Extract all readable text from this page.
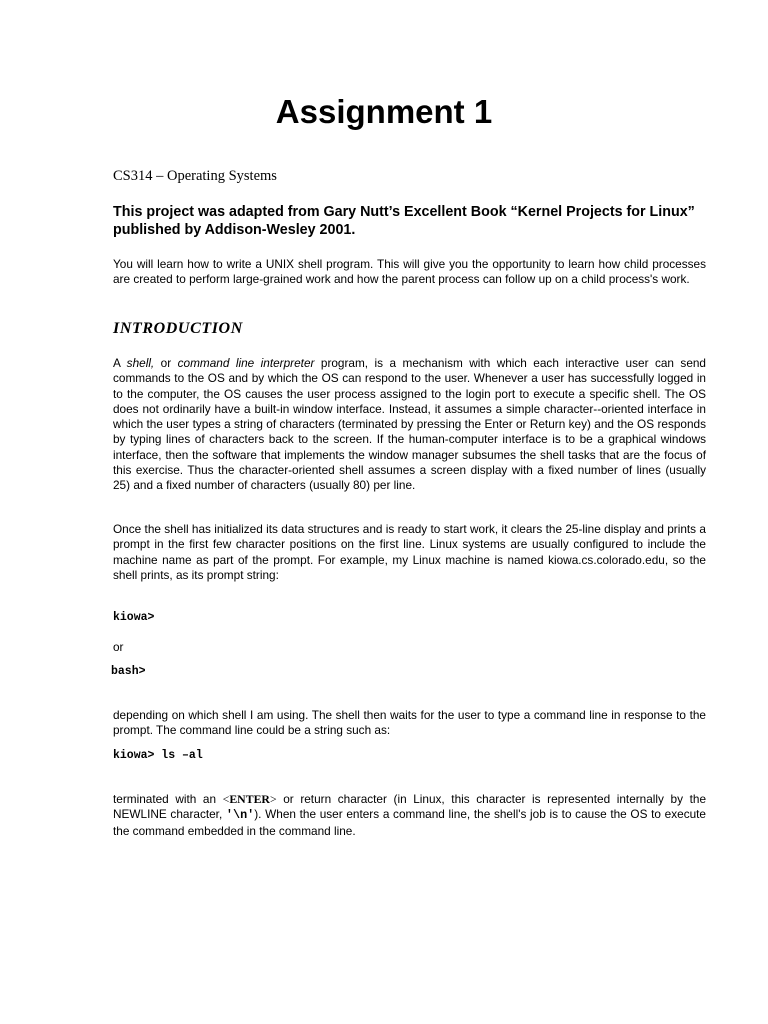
Assignment 1
CS314 – Operating Systems

This project was adapted from Gary Nutt’s Excellent Book “Kernel Projects for Linux” published by Addison-Wesley 2001.

You will learn how to write a UNIX shell program. This will give you the opportunity to learn how child processes are created to perform large-grained work and how the parent process can follow up on a child process's work.

INTRODUCTION

A shell, or command line interpreter program, is a mechanism with which each interactive user can send commands to the OS and by which the OS can respond to the user. Whenever a user has successfully logged in to the computer, the OS causes the user process assigned to the login port to execute a specific shell. The OS does not ordinarily have a built-in window interface. Instead, it assumes a simple character--oriented interface in which the user types a string of characters (terminated by pressing the Enter or Return key) and the OS responds by typing lines of characters back to the screen. If the human-computer interface is to be a graphical windows interface, then the software that implements the window manager subsumes the shell tasks that are the focus of this exercise. Thus the character-oriented shell assumes a screen display with a fixed number of lines (usually 25) and a fixed number of characters (usually 80) per line.

Once the shell has initialized its data structures and is ready to start work, it clears the 25-line display and prints a prompt in the first few character positions on the first line. Linux systems are usually configured to include the machine name as part of the prompt. For example, my Linux machine is named kiowa.cs.colorado.edu, so the shell prints, as its prompt string:

kiowa>
or
bash>

depending on which shell I am using. The shell then waits for the user to type a command line in response to the prompt. The command line could be a string such as:

kiowa> ls –al

terminated with an <ENTER> or return character (in Linux, this character is represented internally by the NEWLINE character, '\n'). When the user enters a command line, the shell's job is to cause the OS to execute the command embedded in the command line.
